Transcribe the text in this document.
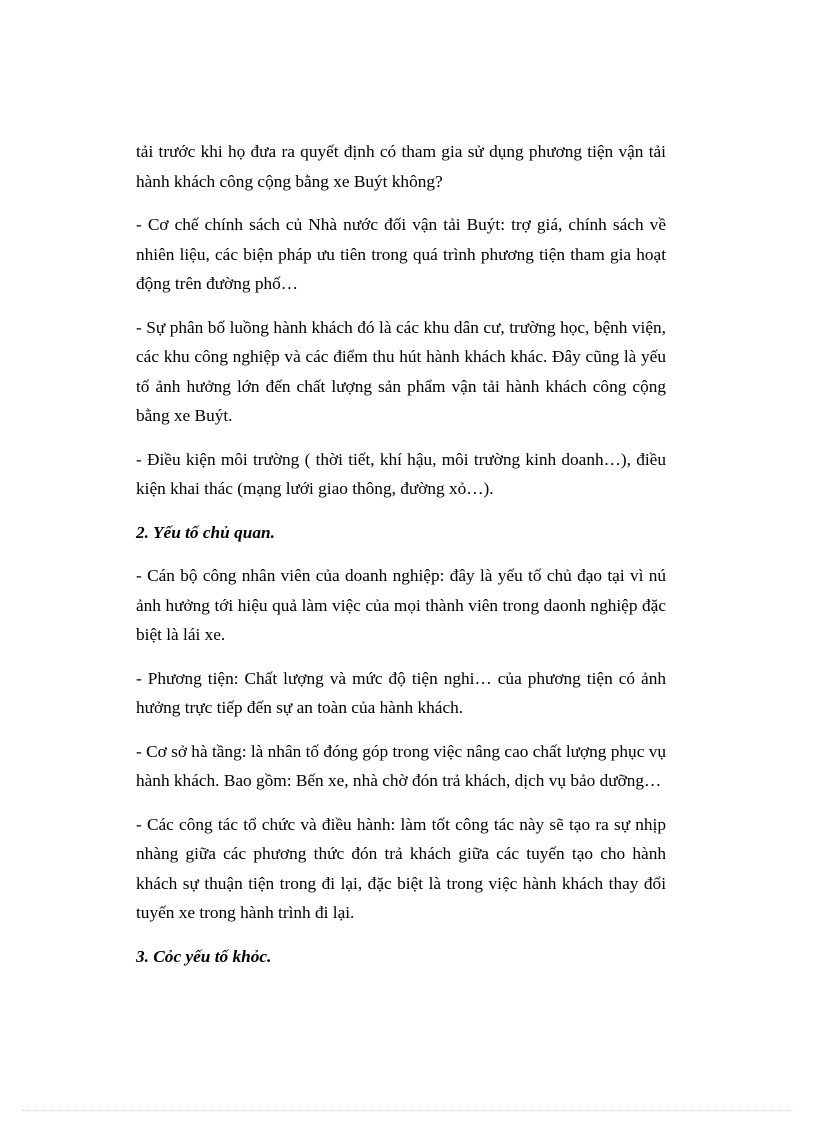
tải trước khi họ đưa ra quyết định có tham gia sử dụng phương tiện vận tải hành khách công cộng bằng xe Buýt không?

- Cơ chế chính sách củ Nhà nước đối vận tải Buýt: trợ giá, chính sách về nhiên liệu, các biện pháp ưu tiên trong quá trình phương tiện tham gia hoạt động trên đường phố…

- Sự phân bố luồng hành khách đó là các khu dân cư, trường học, bệnh viện, các khu công nghiệp và các điểm thu hút hành khách khác. Đây cũng là yếu tố ảnh hưởng lớn đến chất lượng sản phẩm vận tải hành khách công cộng bằng xe Buýt.

- Điều kiện môi trường ( thời tiết, khí hậu, môi trường kinh doanh…), điều kiện khai thác (mạng lưới giao thông, đường xỏ…).

2. Yếu tố chủ quan.

- Cán bộ công nhân viên của doanh nghiệp: đây là yếu tố chủ đạo tại vì nú ảnh hưởng tới hiệu quả làm việc của mọi thành viên trong daonh nghiệp đặc biệt là lái xe.

- Phương tiện: Chất lượng và mức độ tiện nghi… của phương tiện có ảnh hưởng trực tiếp đến sự an toàn của hành khách.

- Cơ sở hà tầng: là nhân tố đóng góp trong việc nâng cao chất lượng phục vụ hành khách. Bao gồm: Bến xe, nhà chờ đón trả khách, dịch vụ bảo dưỡng…

- Các công tác tổ chức và điều hành: làm tốt công tác này sẽ tạo ra sự nhịp nhàng giữa các phương thức đón trả khách giữa các tuyến tạo cho hành khách sự thuận tiện trong đi lại, đặc biệt là trong việc hành khách thay đổi tuyến xe trong hành trình đi lại.

3. Cỏc yếu tố khỏc.
